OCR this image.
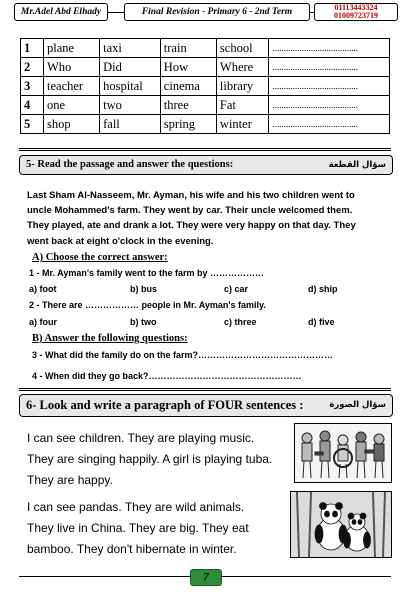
Mr.Adel Abd Elhady	Final Revision - Primary 6 - 2nd Term	01113443324
01009723719
1	plane	taxi	train	school	......................................
2	Who	Did	How	Where	......................................
3	teacher	hospital	cinema	library	......................................
4	one	two	three	Fat	......................................
5	shop	fall	spring	winter	......................................
5- Read the passage and answer the questions:	سؤال القطعة
Last Sham Al-Nasseem, Mr. Ayman, his wife and his two children went to
uncle Mohammed's farm. They went by car. Their uncle welcomed them.
They played, ate and drank a lot. They were very happy on that day. They
went back at eight o'clock in the evening.
A) Choose the correct answer:
1 - Mr. Ayman's family went to the farm by ………………
a) foot	b) bus	c) car	d) ship
2 - There are ……………… people in Mr. Ayman's family.
a) four	b) two	c) three	d) five
B) Answer the following questions:
3 - What did the family do on the farm?………………………………………
4 - When did they go back?……………………………………………
6- Look and write a paragraph of FOUR sentences :	سؤال الصورة
I can see children. They are playing music.
They are singing happily. A girl is playing tuba.
They are happy.
I can see pandas. They are wild animals.
They live in China. They are big. They eat
bamboo. They don't hibernate in winter.
7
